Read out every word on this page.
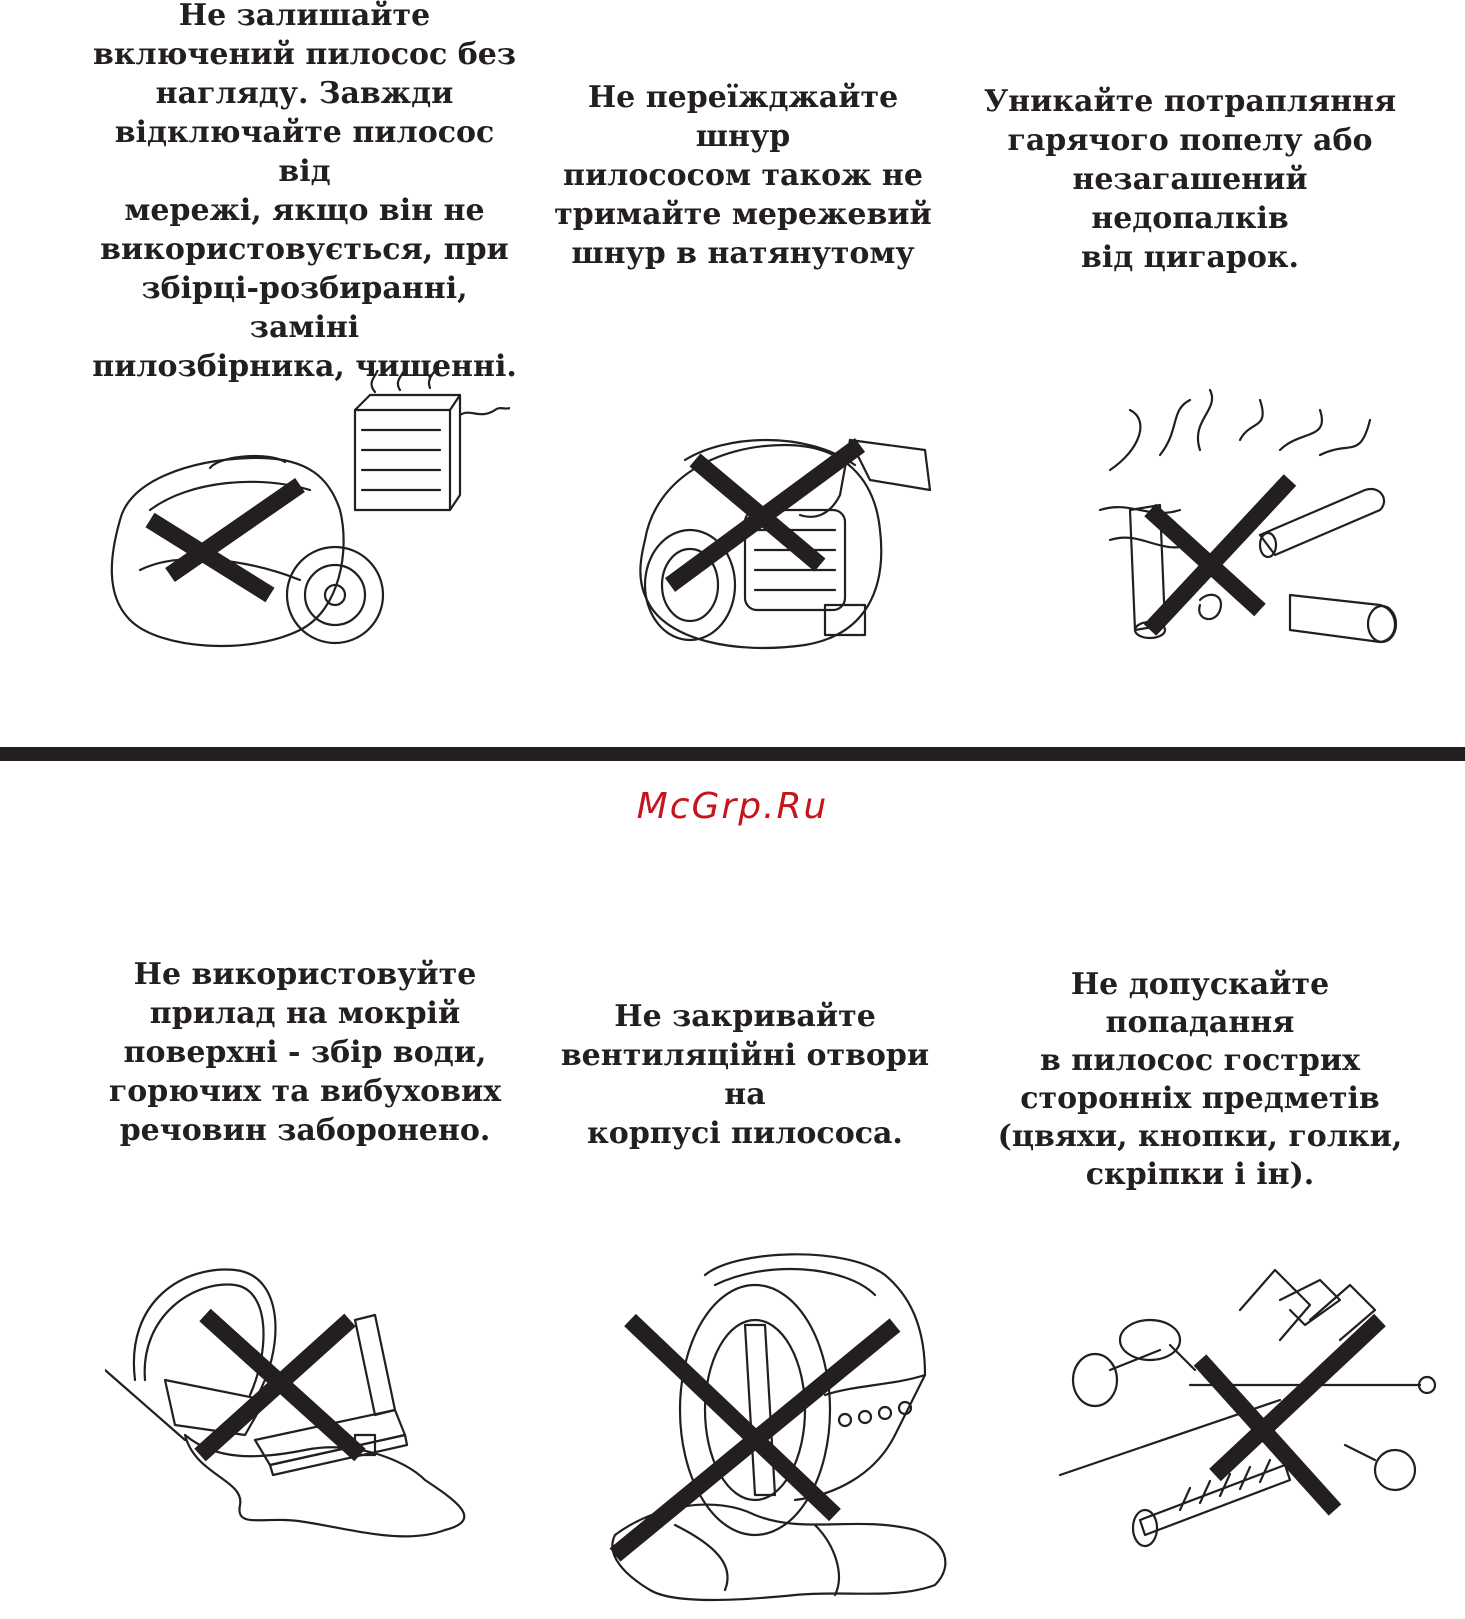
Не залишайте
включений пилосос без
нагляду. Завжди
відключайте пилосос від
мережі, якщо він не
використовується, при
збірці-розбиранні, заміні
пилозбірника, чищенні.
Не переїжджайте шнур
пилососом також не
тримайте мережевий
шнур в натянутому
Уникайте потрапляння
гарячого попелу або
незагашений недопалків
від цигарок.
McGrp.Ru
Не використовуйте
прилад на мокрій
поверхні - збір води,
горючих та вибухових
речовин заборонено.
Не закривайте
вентиляційні отвори на
корпусі пилососа.
Не допускайте попадання
в пилосос гострих
сторонніх предметів
(цвяхи, кнопки, голки,
скріпки і ін).
